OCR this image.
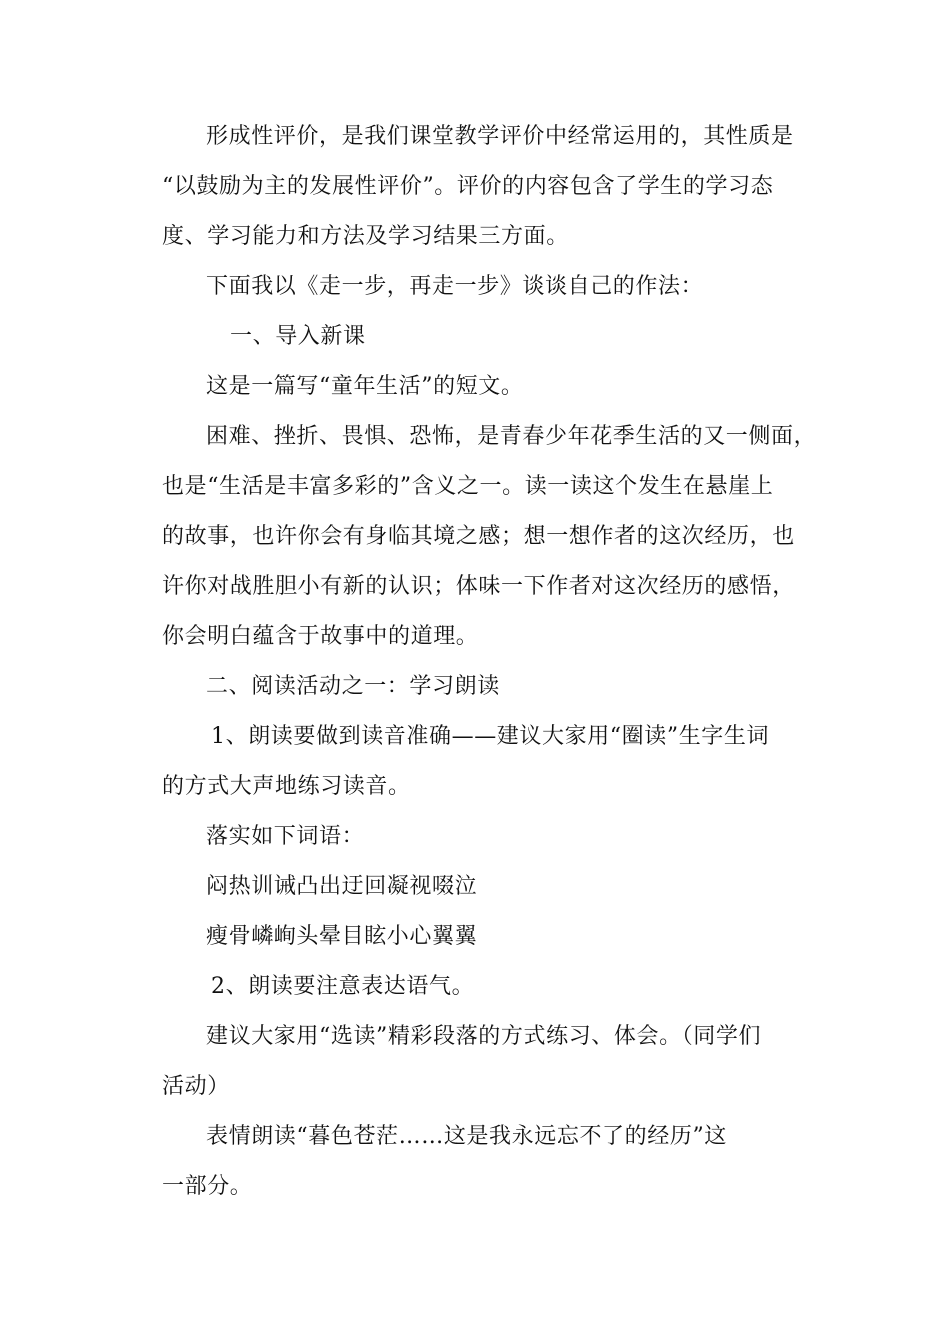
形成性评价，是我们课堂教学评价中经常运用的，其性质是

“以鼓励为主的发展性评价”。评价的内容包含了学生的学习态

度、学习能力和方法及学习结果三方面。

下面我以《走一步，再走一步》谈谈自己的作法：

一、导入新课

这是一篇写“童年生活”的短文。

困难、挫折、畏惧、恐怖，是青春少年花季生活的又一侧面，

也是“生活是丰富多彩的”含义之一。读一读这个发生在悬崖上

的故事，也许你会有身临其境之感；想一想作者的这次经历，也

许你对战胜胆小有新的认识；体味一下作者对这次经历的感悟，

你会明白蕴含于故事中的道理。

二、阅读活动之一：学习朗读

1、朗读要做到读音准确——建议大家用“圈读”生字生词

的方式大声地练习读音。

落实如下词语：

闷热训诫凸出迂回凝视啜泣

瘦骨嶙峋头晕目眩小心翼翼

2、朗读要注意表达语气。

建议大家用“选读”精彩段落的方式练习、体会。（同学们

活动）

表情朗读“暮色苍茫……这是我永远忘不了的经历”这

一部分。
